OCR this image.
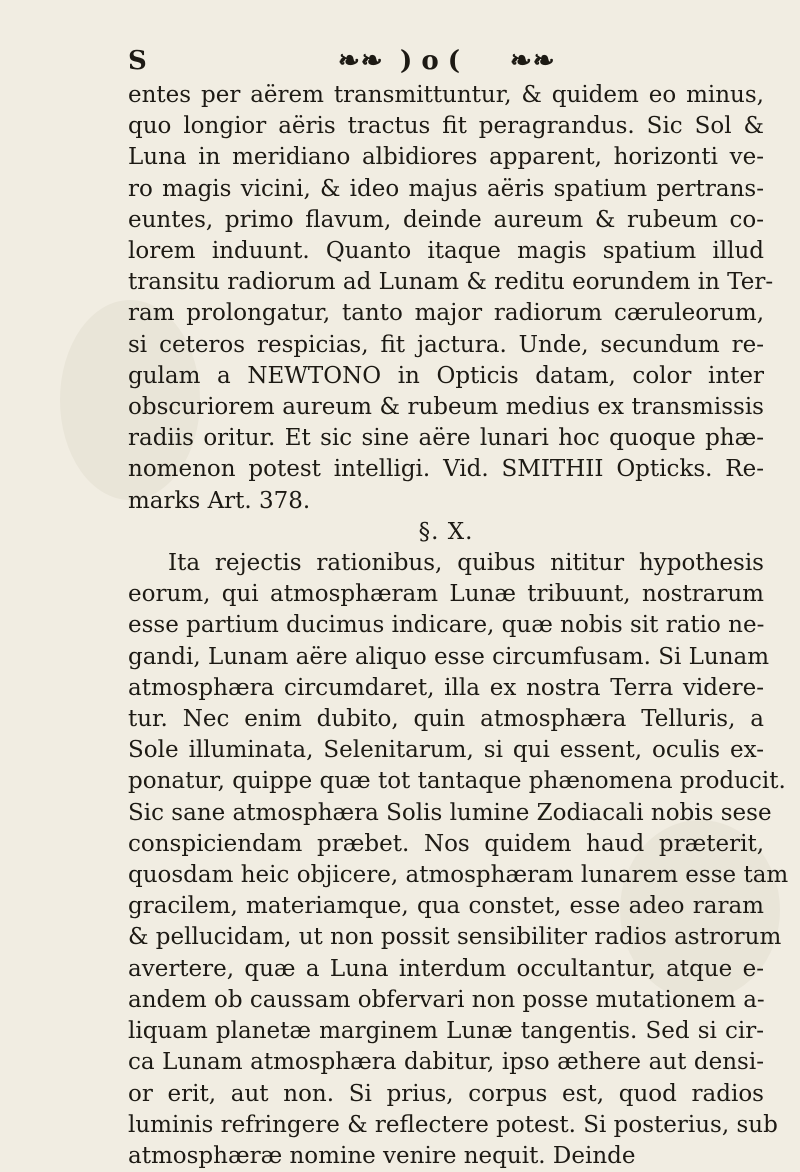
S	❧❧ ) o ( ❧❧
entes per aërem transmittuntur, & quidem eo minus,
quo longior aëris tractus fit peragrandus. Sic Sol &
Luna in meridiano albidiores apparent, horizonti ve-
ro magis vicini, & ideo majus aëris spatium pertrans-
euntes, primo flavum, deinde aureum & rubeum co-
lorem induunt. Quanto itaque magis spatium illud
transitu radiorum ad Lunam & reditu eorundem in Ter-
ram prolongatur, tanto major radiorum cæruleorum,
si ceteros respicias, fit jactura. Unde, secundum re-
gulam a NEWTONO in Opticis datam, color inter
obscuriorem aureum & rubeum medius ex transmissis
radiis oritur. Et sic sine aëre lunari hoc quoque phæ-
nomenon potest intelligi. Vid. SMITHII Opticks. Re-
marks Art. 378.
§. X.
Ita rejectis rationibus, quibus nititur hypothesis
eorum, qui atmosphæram Lunæ tribuunt, nostrarum
esse partium ducimus indicare, quæ nobis sit ratio ne-
gandi, Lunam aëre aliquo esse circumfusam. Si Lunam
atmosphæra circumdaret, illa ex nostra Terra videre-
tur. Nec enim dubito, quin atmosphæra Telluris, a
Sole illuminata, Selenitarum, si qui essent, oculis ex-
ponatur, quippe quæ tot tantaque phænomena producit.
Sic sane atmosphæra Solis lumine Zodiacali nobis sese
conspiciendam præbet. Nos quidem haud præterit,
quosdam heic objicere, atmosphæram lunarem esse tam
gracilem, materiamque, qua constet, esse adeo raram
& pellucidam, ut non possit sensibiliter radios astrorum
avertere, quæ a Luna interdum occultantur, atque e-
andem ob caussam obfervari non posse mutationem a-
liquam planetæ marginem Lunæ tangentis. Sed si cir-
ca Lunam atmosphæra dabitur, ipso æthere aut densi-
or erit, aut non. Si prius, corpus est, quod radios
luminis refringere & reflectere potest. Si posterius, sub
atmosphæræ nomine venire nequit. Deinde
